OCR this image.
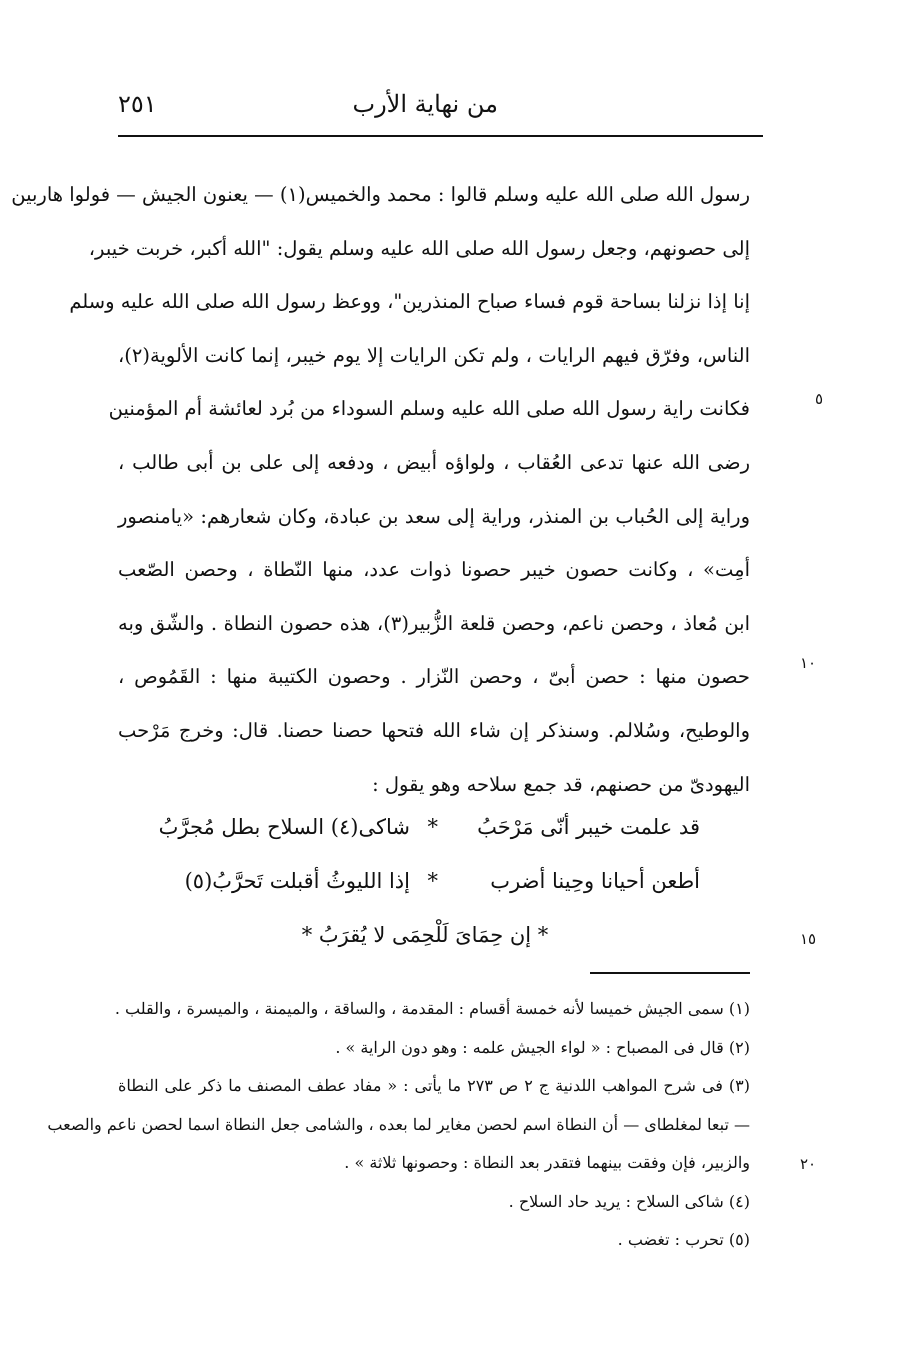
من نهاية الأرب
٢٥١
رسول الله صلى الله عليه وسلم قالوا : محمد والخميس(١) — يعنون الجيش — فولوا هاربين
إلى حصونهم، وجعل رسول الله صلى الله عليه وسلم يقول: "الله أكبر، خربت خيبر،
إنا إذا نزلنا بساحة قوم فساء صباح المنذرين"، ووعظ رسول الله صلى الله عليه وسلم
الناس، وفرّق فيهم الرايات ، ولم تكن الرايات إلا يوم خيبر، إنما كانت الألوية(٢)،
فكانت راية رسول الله صلى الله عليه وسلم السوداء من بُرد لعائشة أم المؤمنين
رضى الله عنها تدعى العُقاب ، ولواؤه أبيض ، ودفعه إلى على بن أبى طالب ،
وراية إلى الحُباب بن المنذر، وراية إلى سعد بن عبادة، وكان شعارهم: «يامنصور
أمِت» ، وكانت حصون خيبر حصونا ذوات عدد، منها النّطاة ، وحصن الصّعب
ابن مُعاذ ، وحصن ناعم، وحصن قلعة الزُّبير(٣)، هذه حصون النطاة . والشّق وبه
حصون منها : حصن أبىّ ، وحصن النّزار . وحصون الكتيبة منها : القَمُوص ،
والوطيح، وسُلالم. وسنذكر إن شاء الله فتحها حصنا حصنا. قال: وخرج مَرْحب
اليهودىّ من حصنهم، قد جمع سلاحه وهو يقول :
٥
١٠
١٥
٢٠
قد علمت خيبر أنّى مَرْحَبُ
*
شاكى(٤) السلاح بطل مُجرَّبُ
أطعن أحيانا وحِينا أضرب
*
إذا الليوثُ أقبلت تَحرَّبُ(٥)
* إن حِمَاىَ لَلْحِمَى لا يُقرَبُ *
(١) سمى الجيش خميسا لأنه خمسة أقسام : المقدمة ، والساقة ، والميمنة ، والميسرة ، والقلب .
(٢) قال فى المصباح : « لواء الجيش علمه : وهو دون الراية » .
(٣) فى شرح المواهب اللدنية ج ٢ ص ٢٧٣ ما يأتى : « مفاد عطف المصنف ما ذكر على النطاة
— تبعا لمغلطاى — أن النطاة اسم لحصن مغاير لما بعده ، والشامى جعل النطاة اسما لحصن ناعم والصعب
والزبير، فإن وفقت بينهما فتقدر بعد النطاة : وحصونها ثلاثة » .
(٤) شاكى السلاح : يريد حاد السلاح .
(٥) تحرب : تغضب .
